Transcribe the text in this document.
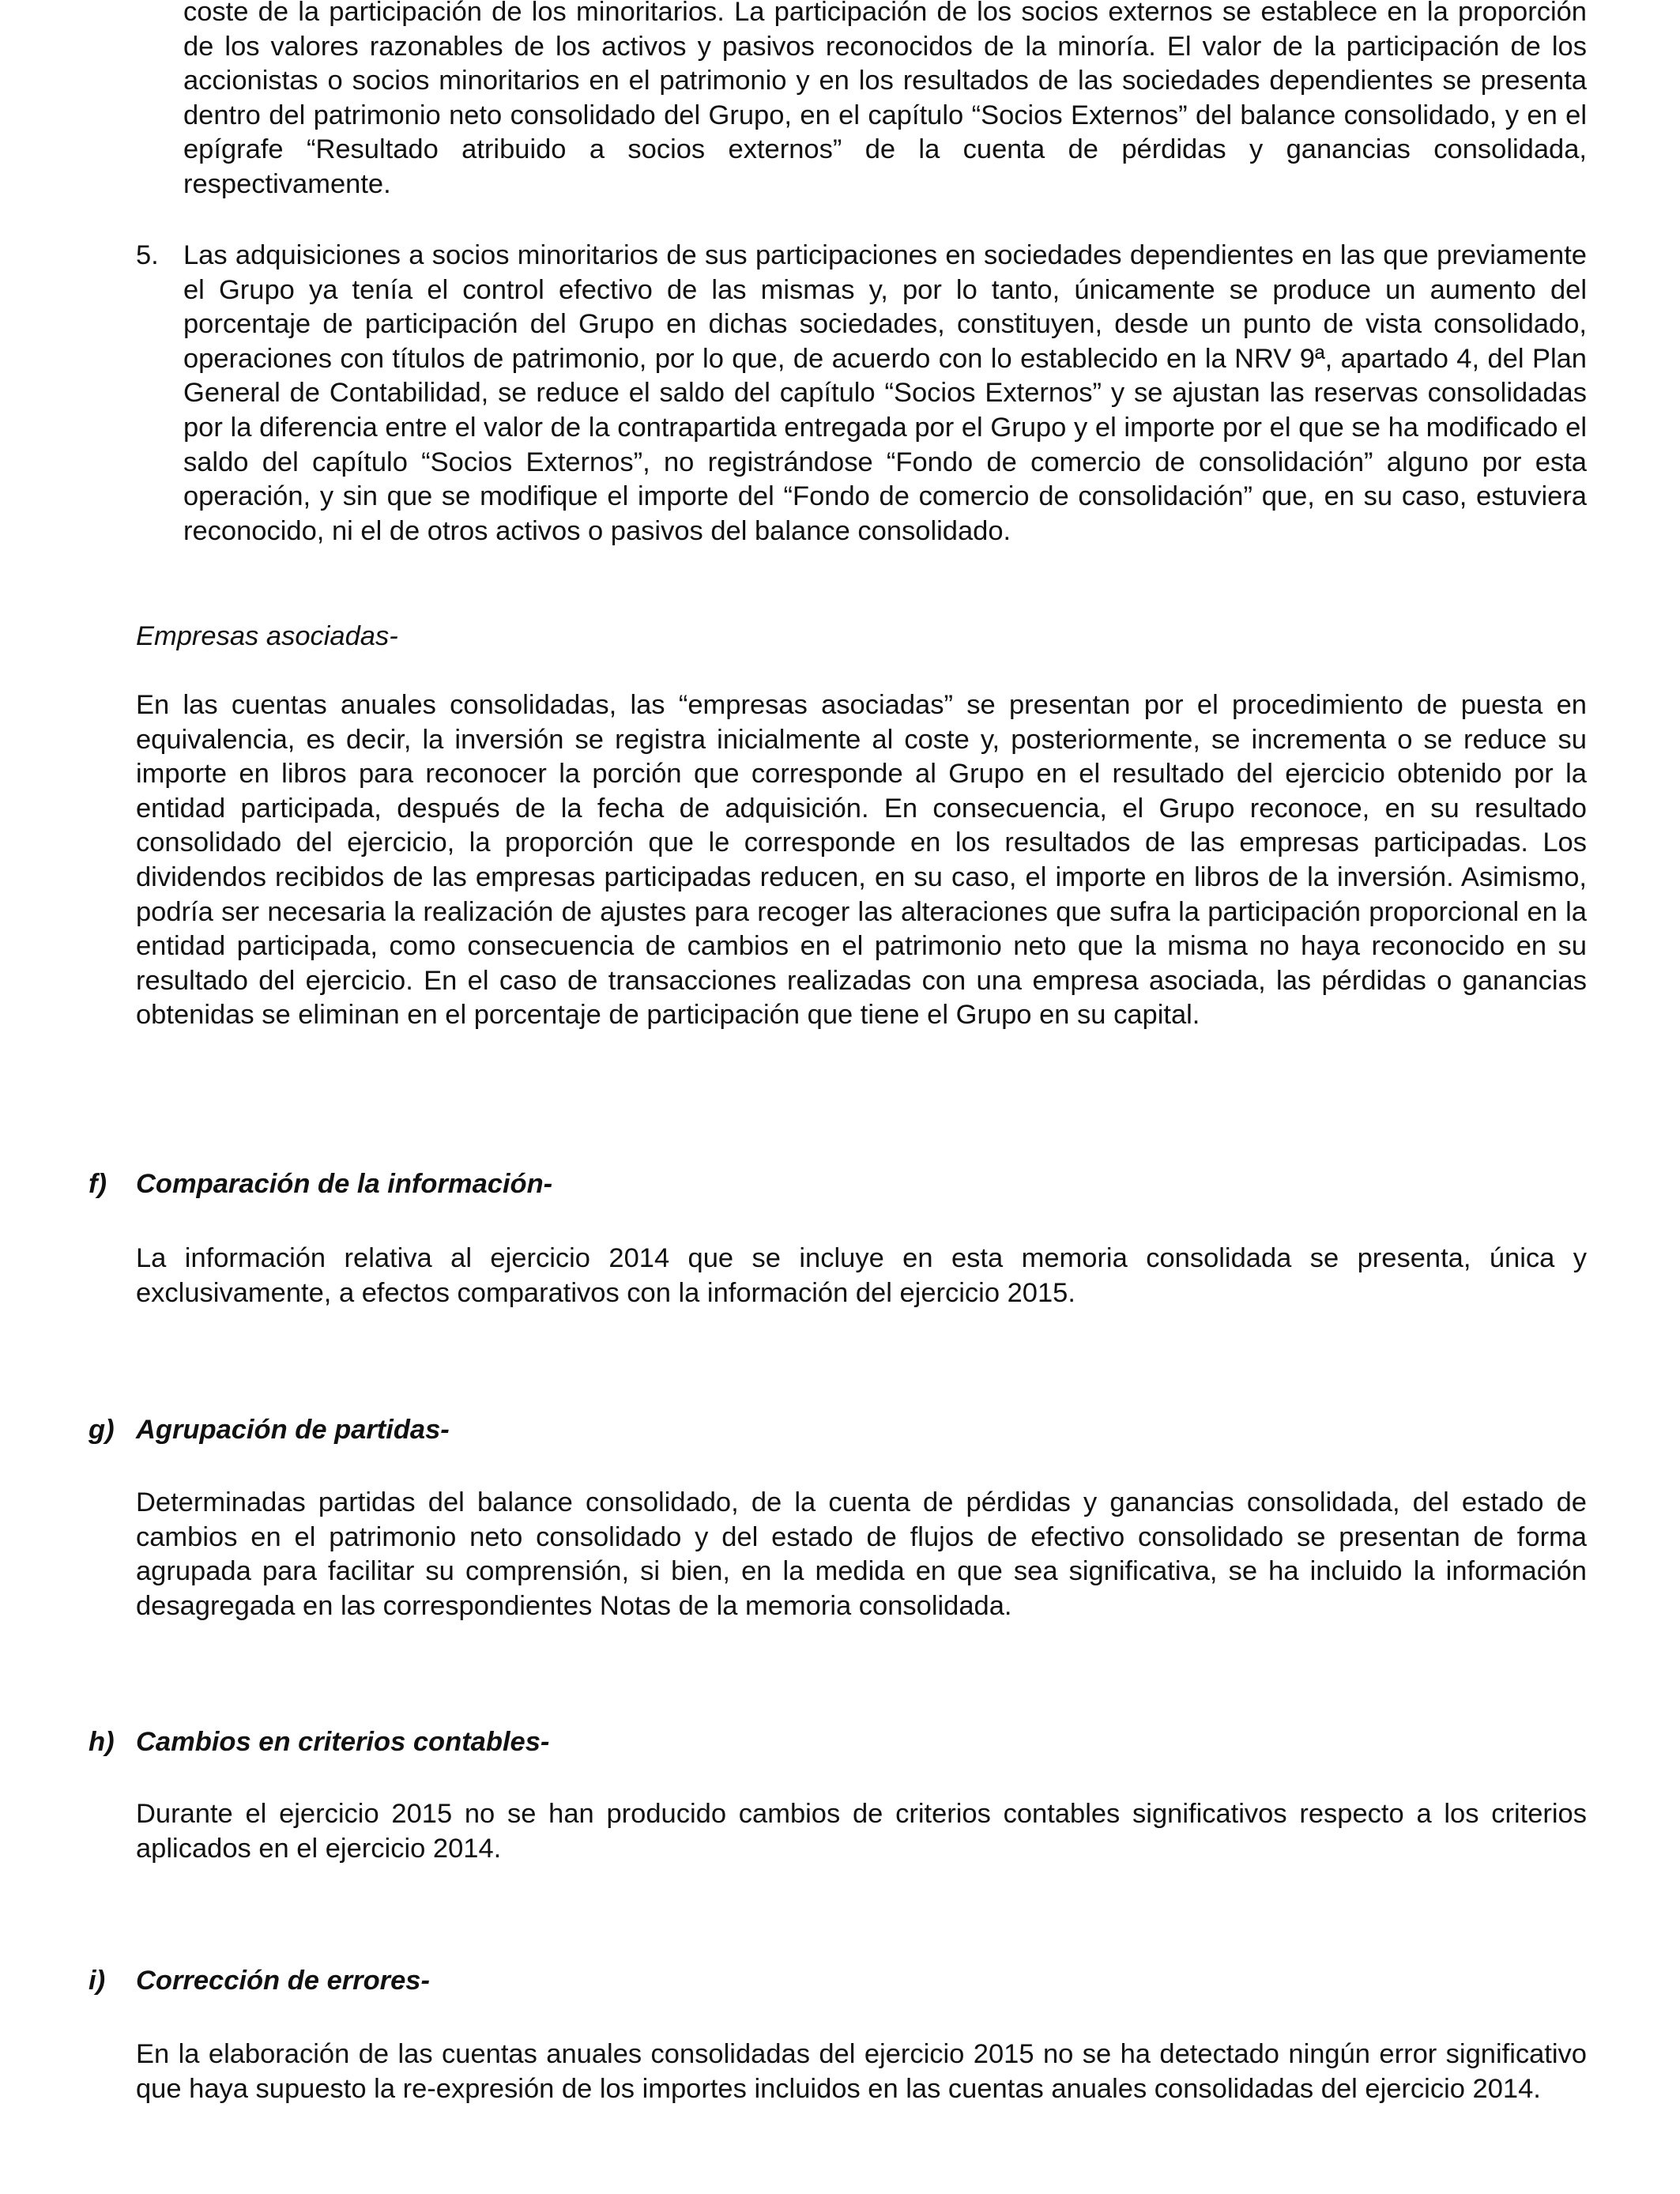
coste de la participación de los minoritarios. La participación de los socios externos se establece en la proporción de los valores razonables de los activos y pasivos reconocidos de la minoría. El valor de la participación de los accionistas o socios minoritarios en el patrimonio y en los resultados de las sociedades dependientes se presenta dentro del patrimonio neto consolidado del Grupo, en el capítulo “Socios Externos” del balance consolidado, y en el epígrafe “Resultado atribuido a socios externos” de la cuenta de pérdidas y ganancias consolidada, respectivamente.

5. Las adquisiciones a socios minoritarios de sus participaciones en sociedades dependientes en las que previamente el Grupo ya tenía el control efectivo de las mismas y, por lo tanto, únicamente se produce un aumento del porcentaje de participación del Grupo en dichas sociedades, constituyen, desde un punto de vista consolidado, operaciones con títulos de patrimonio, por lo que, de acuerdo con lo establecido en la NRV 9ª, apartado 4, del Plan General de Contabilidad, se reduce el saldo del capítulo “Socios Externos” y se ajustan las reservas consolidadas por la diferencia entre el valor de la contrapartida entregada por el Grupo y el importe por el que se ha modificado el saldo del capítulo “Socios Externos”, no registrándose “Fondo de comercio de consolidación” alguno por esta operación, y sin que se modifique el importe del “Fondo de comercio de consolidación” que, en su caso, estuviera reconocido, ni el de otros activos o pasivos del balance consolidado.

Empresas asociadas-

En las cuentas anuales consolidadas, las “empresas asociadas” se presentan por el procedimiento de puesta en equivalencia, es decir, la inversión se registra inicialmente al coste y, posteriormente, se incrementa o se reduce su importe en libros para reconocer la porción que corresponde al Grupo en el resultado del ejercicio obtenido por la entidad participada, después de la fecha de adquisición. En consecuencia, el Grupo reconoce, en su resultado consolidado del ejercicio, la proporción que le corresponde en los resultados de las empresas participadas. Los dividendos recibidos de las empresas participadas reducen, en su caso, el importe en libros de la inversión. Asimismo, podría ser necesaria la realización de ajustes para recoger las alteraciones que sufra la participación proporcional en la entidad participada, como consecuencia de cambios en el patrimonio neto que la misma no haya reconocido en su resultado del ejercicio. En el caso de transacciones realizadas con una empresa asociada, las pérdidas o ganancias obtenidas se eliminan en el porcentaje de participación que tiene el Grupo en su capital.

f) Comparación de la información-

La información relativa al ejercicio 2014 que se incluye en esta memoria consolidada se presenta, única y exclusivamente, a efectos comparativos con la información del ejercicio 2015.

g) Agrupación de partidas-

Determinadas partidas del balance consolidado, de la cuenta de pérdidas y ganancias consolidada, del estado de cambios en el patrimonio neto consolidado y del estado de flujos de efectivo consolidado se presentan de forma agrupada para facilitar su comprensión, si bien, en la medida en que sea significativa, se ha incluido la información desagregada en las correspondientes Notas de la memoria consolidada.

h) Cambios en criterios contables-

Durante el ejercicio 2015 no se han producido cambios de criterios contables significativos respecto a los criterios aplicados en el ejercicio 2014.

i) Corrección de errores-

En la elaboración de las cuentas anuales consolidadas del ejercicio 2015 no se ha detectado ningún error significativo que haya supuesto la re-expresión de los importes incluidos en las cuentas anuales consolidadas del ejercicio 2014.
